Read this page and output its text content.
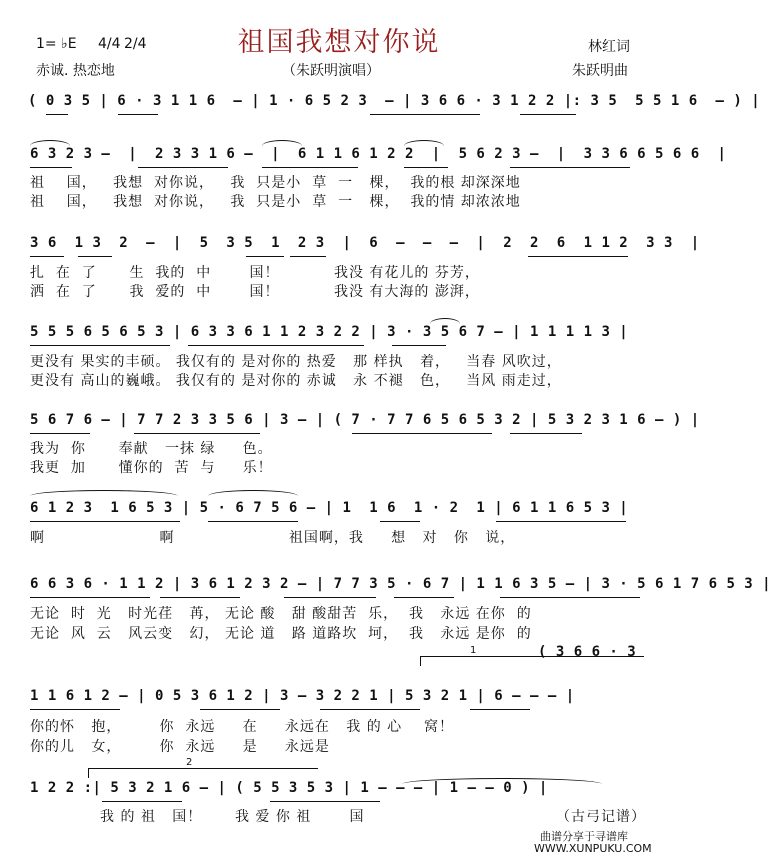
祖国我想对你说
1= ♭E 4/4 2/4
赤诚. 热恋地	（朱跃明演唱）
林红词
朱跃明曲
( 0 3 5 | 6 · 3 1 1 6  – | 1 · 6 5 2 3  – | 3 6 6 · 3 1 2 2 |: 3 5  5 5 1 6  – ) |
6 3 2 3 –  |  2 3 3 1 6 –  |  6 1 1 6 1 2 2  |  5 6 2 3 –  |  3 3 6 6 5 6 6  |
祖    国，   我想  对你说，   我  只是小  草  一   棵，  我的根 却深深地
祖    国，   我想  对你说，   我  只是小  草  一   棵，  我的情 却浓浓地
3 6  1 3  2  –  |  5  3 5  1  2 3  |  6  –  –  –  |  2  2  6  1 1 2  3 3  |
扎  在  了      生  我的  中       国！          我没 有花儿的 芬芳，
洒  在  了      我  爱的  中       国！          我没 有大海的 澎湃，
5 5 5 6 5 6 5 3 | 6 3 3 6 1 1 2 3 2 2 | 3 · 3 5 6 7 – | 1 1 1 1 3 |
更没有 果实的丰硕。 我仅有的 是对你的 热爱   那 样执   着，   当春 风吹过，
更没有 高山的巍峨。 我仅有的 是对你的 赤诚   永 不褪   色，   当风 雨走过，
5 6 7 6 – | 7 7 2 3 3 5 6 | 3 – | ( 7 · 7 7 6 5 6 5 3 2 | 5 3 2 3 1 6 – ) |
我为  你      奉献   一抹 绿     色。
我更  加      懂你的  苦  与     乐！
6 1 2 3  1 6 5 3 | 5 · 6 7 5 6 – | 1  1 6  1 · 2  1 | 6 1 1 6 5 3 |
啊                     啊                     祖国啊，我     想   对   你   说，
6 6 3 6 · 1 1 2 | 3 6 1 2 3 2 – | 7 7 3 5 · 6 7 | 1 1 6 3 5 – | 3 · 5 6 1 7 6 5 3 |
无论  时  光   时光荏   苒， 无论 酸   甜 酸甜苦  乐，  我   永远 在你  的
无论  风  云   风云变   幻， 无论 道   路 道路坎  坷，  我   永远 是你  的
1	( 3 6 6 · 3
1 1 6 1 2 – | 0 5 3 6 1 2 | 3 – 3 2 2 1 | 5 3 2 1 | 6 – – – |
你的怀   抱，       你  永远     在     永远在   我 的 心    窝！
你的儿   女，       你  永远     是     永远是
2
1 2 2 :| 5 3 2 1 6 – | ( 5 5 3 5 3 | 1 – – – | 1 – – 0 ) |
我 的 祖   国！      我 爱 你 祖       国	（古弓记谱）
曲谱分享于寻谱库
WWW.XUNPUKU.COM
